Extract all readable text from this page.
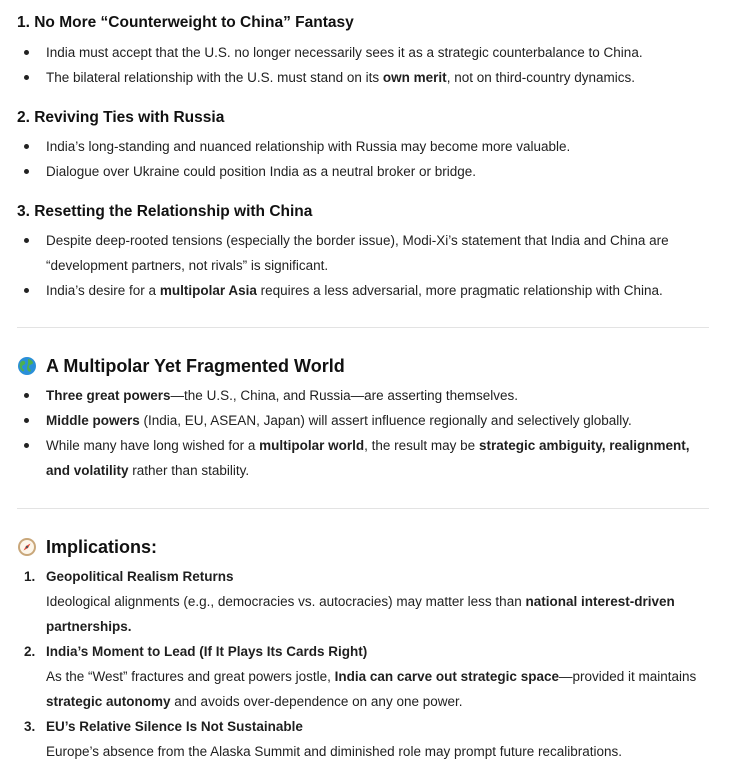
1. No More “Counterweight to China” Fantasy
India must accept that the U.S. no longer necessarily sees it as a strategic counterbalance to China.
The bilateral relationship with the U.S. must stand on its own merit, not on third-country dynamics.
2. Reviving Ties with Russia
India’s long-standing and nuanced relationship with Russia may become more valuable.
Dialogue over Ukraine could position India as a neutral broker or bridge.
3. Resetting the Relationship with China
Despite deep-rooted tensions (especially the border issue), Modi-Xi’s statement that India and China are “development partners, not rivals” is significant.
India’s desire for a multipolar Asia requires a less adversarial, more pragmatic relationship with China.
A Multipolar Yet Fragmented World
Three great powers—the U.S., China, and Russia—are asserting themselves.
Middle powers (India, EU, ASEAN, Japan) will assert influence regionally and selectively globally.
While many have long wished for a multipolar world, the result may be strategic ambiguity, realignment, and volatility rather than stability.
Implications:
1. Geopolitical Realism Returns
Ideological alignments (e.g., democracies vs. autocracies) may matter less than national interest-driven partnerships.
2. India’s Moment to Lead (If It Plays Its Cards Right)
As the “West” fractures and great powers jostle, India can carve out strategic space—provided it maintains strategic autonomy and avoids over-dependence on any one power.
3. EU’s Relative Silence Is Not Sustainable
Europe’s absence from the Alaska Summit and diminished role may prompt future recalibrations.
